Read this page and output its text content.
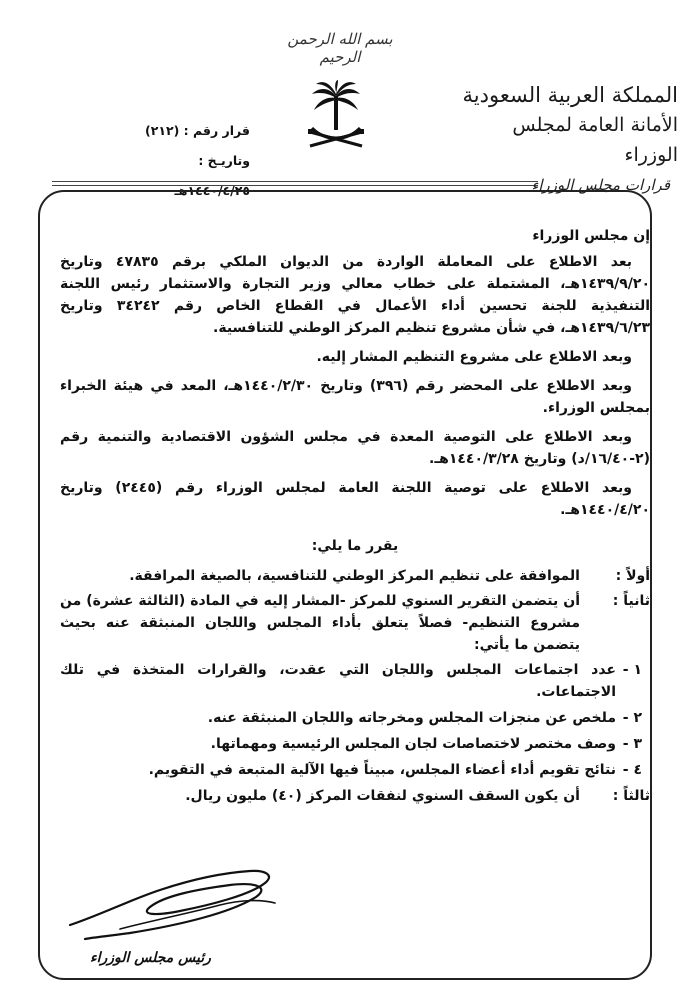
بسم الله الرحمن الرحيم
المملكة العربية السعودية
الأمانة العامة لمجلس الوزراء
قرار رقم : (٢١٢)
وتاريـخ : ١٤٤٠/٤/٢٥هـ	قرارات مجلس الوزراء

إن مجلس الوزراء

بعد الاطلاع على المعاملة الواردة من الديوان الملكي برقم ٤٧٨٣٥ وتاريخ ١٤٣٩/٩/٢٠هـ، المشتملة على خطاب معالي وزير التجارة والاستثمار رئيس اللجنة التنفيذية للجنة تحسين أداء الأعمال في القطاع الخاص رقم ٣٤٢٤٢ وتاريخ ١٤٣٩/٦/٢٣هـ، في شأن مشروع تنظيم المركز الوطني للتنافسية.

وبعد الاطلاع على مشروع التنظيم المشار إليه.

وبعد الاطلاع على المحضر رقم (٣٩٦) وتاريخ ١٤٤٠/٢/٣٠هـ، المعد في هيئة الخبراء بمجلس الوزراء.

وبعد الاطلاع على التوصية المعدة في مجلس الشؤون الاقتصادية والتنمية رقم (٢-١٦/٤٠/د) وتاريخ ١٤٤٠/٣/٢٨هـ.

وبعد الاطلاع على توصية اللجنة العامة لمجلس الوزراء رقم (٢٤٤٥) وتاريخ ١٤٤٠/٤/٢٠هـ.

يقرر ما يلي:

أولاً :
الموافقة على تنظيم المركز الوطني للتنافسية، بالصيغة المرافقة.
ثانياً :
أن يتضمن التقرير السنوي للمركز -المشار إليه في المادة (الثالثة عشرة) من مشروع التنظيم- فصلاً يتعلق بأداء المجلس واللجان المنبثقة عنه بحيث يتضمن ما يأتي:
١ -
عدد اجتماعات المجلس واللجان التي عقدت، والقرارات المتخذة في تلك الاجتماعات.
٢ -
ملخص عن منجزات المجلس ومخرجاته واللجان المنبثقة عنه.
٣ -
وصف مختصر لاختصاصات لجان المجلس الرئيسية ومهماتها.
٤ -
نتائج تقويم أداء أعضاء المجلس، مبيناً فيها الآلية المتبعة في التقويم.
ثالثاً :
أن يكون السقف السنوي لنفقات المركز (٤٠) مليون ريال.
رئيس مجلس الوزراء
